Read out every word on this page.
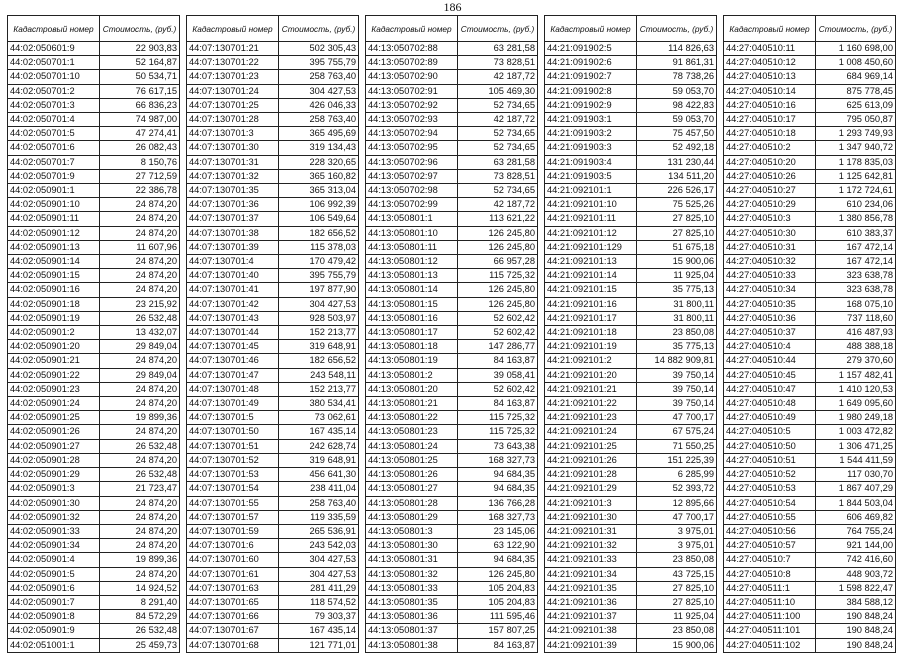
186
Кадастровый номер	Стоимость, (руб.)
44:02:050601:9	22 903,83
44:02:050701:1	52 164,87
44:02:050701:10	50 534,71
44:02:050701:2	76 617,15
44:02:050701:3	66 836,23
44:02:050701:4	74 987,00
44:02:050701:5	47 274,41
44:02:050701:6	26 082,43
44:02:050701:7	8 150,76
44:02:050701:9	27 712,59
44:02:050901:1	22 386,78
44:02:050901:10	24 874,20
44:02:050901:11	24 874,20
44:02:050901:12	24 874,20
44:02:050901:13	11 607,96
44:02:050901:14	24 874,20
44:02:050901:15	24 874,20
44:02:050901:16	24 874,20
44:02:050901:18	23 215,92
44:02:050901:19	26 532,48
44:02:050901:2	13 432,07
44:02:050901:20	29 849,04
44:02:050901:21	24 874,20
44:02:050901:22	29 849,04
44:02:050901:23	24 874,20
44:02:050901:24	24 874,20
44:02:050901:25	19 899,36
44:02:050901:26	24 874,20
44:02:050901:27	26 532,48
44:02:050901:28	24 874,20
44:02:050901:29	26 532,48
44:02:050901:3	21 723,47
44:02:050901:30	24 874,20
44:02:050901:32	24 874,20
44:02:050901:33	24 874,20
44:02:050901:34	24 874,20
44:02:050901:4	19 899,36
44:02:050901:5	24 874,20
44:02:050901:6	14 924,52
44:02:050901:7	8 291,40
44:02:050901:8	84 572,29
44:02:050901:9	26 532,48
44:02:051001:1	25 459,73
Кадастровый номер	Стоимость, (руб.)
44:07:130701:21	502 305,43
44:07:130701:22	395 755,79
44:07:130701:23	258 763,40
44:07:130701:24	304 427,53
44:07:130701:25	426 046,33
44:07:130701:28	258 763,40
44:07:130701:3	365 495,69
44:07:130701:30	319 134,43
44:07:130701:31	228 320,65
44:07:130701:32	365 160,82
44:07:130701:35	365 313,04
44:07:130701:36	106 992,39
44:07:130701:37	106 549,64
44:07:130701:38	182 656,52
44:07:130701:39	115 378,03
44:07:130701:4	170 479,42
44:07:130701:40	395 755,79
44:07:130701:41	197 877,90
44:07:130701:42	304 427,53
44:07:130701:43	928 503,97
44:07:130701:44	152 213,77
44:07:130701:45	319 648,91
44:07:130701:46	182 656,52
44:07:130701:47	243 548,11
44:07:130701:48	152 213,77
44:07:130701:49	380 534,41
44:07:130701:5	73 062,61
44:07:130701:50	167 435,14
44:07:130701:51	242 628,74
44:07:130701:52	319 648,91
44:07:130701:53	456 641,30
44:07:130701:54	238 411,04
44:07:130701:55	258 763,40
44:07:130701:57	119 335,59
44:07:130701:59	265 536,91
44:07:130701:6	243 542,03
44:07:130701:60	304 427,53
44:07:130701:61	304 427,53
44:07:130701:63	281 411,29
44:07:130701:65	118 574,52
44:07:130701:66	79 303,37
44:07:130701:67	167 435,14
44:07:130701:68	121 771,01
Кадастровый номер	Стоимость, (руб.)
44:13:050702:88	63 281,58
44:13:050702:89	73 828,51
44:13:050702:90	42 187,72
44:13:050702:91	105 469,30
44:13:050702:92	52 734,65
44:13:050702:93	42 187,72
44:13:050702:94	52 734,65
44:13:050702:95	52 734,65
44:13:050702:96	63 281,58
44:13:050702:97	73 828,51
44:13:050702:98	52 734,65
44:13:050702:99	42 187,72
44:13:050801:1	113 621,22
44:13:050801:10	126 245,80
44:13:050801:11	126 245,80
44:13:050801:12	66 957,28
44:13:050801:13	115 725,32
44:13:050801:14	126 245,80
44:13:050801:15	126 245,80
44:13:050801:16	52 602,42
44:13:050801:17	52 602,42
44:13:050801:18	147 286,77
44:13:050801:19	84 163,87
44:13:050801:2	39 058,41
44:13:050801:20	52 602,42
44:13:050801:21	84 163,87
44:13:050801:22	115 725,32
44:13:050801:23	115 725,32
44:13:050801:24	73 643,38
44:13:050801:25	168 327,73
44:13:050801:26	94 684,35
44:13:050801:27	94 684,35
44:13:050801:28	136 766,28
44:13:050801:29	168 327,73
44:13:050801:3	23 145,06
44:13:050801:30	63 122,90
44:13:050801:31	94 684,35
44:13:050801:32	126 245,80
44:13:050801:33	105 204,83
44:13:050801:35	105 204,83
44:13:050801:36	111 595,46
44:13:050801:37	157 807,25
44:13:050801:38	84 163,87
Кадастровый номер	Стоимость, (руб.)
44:21:091902:5	114 826,63
44:21:091902:6	91 861,31
44:21:091902:7	78 738,26
44:21:091902:8	59 053,70
44:21:091902:9	98 422,83
44:21:091903:1	59 053,70
44:21:091903:2	75 457,50
44:21:091903:3	52 492,18
44:21:091903:4	131 230,44
44:21:091903:5	134 511,20
44:21:092101:1	226 526,17
44:21:092101:10	75 525,26
44:21:092101:11	27 825,10
44:21:092101:12	27 825,10
44:21:092101:129	51 675,18
44:21:092101:13	15 900,06
44:21:092101:14	11 925,04
44:21:092101:15	35 775,13
44:21:092101:16	31 800,11
44:21:092101:17	31 800,11
44:21:092101:18	23 850,08
44:21:092101:19	35 775,13
44:21:092101:2	14 882 909,81
44:21:092101:20	39 750,14
44:21:092101:21	39 750,14
44:21:092101:22	39 750,14
44:21:092101:23	47 700,17
44:21:092101:24	67 575,24
44:21:092101:25	71 550,25
44:21:092101:26	151 225,39
44:21:092101:28	6 285,99
44:21:092101:29	52 393,72
44:21:092101:3	12 895,66
44:21:092101:30	47 700,17
44:21:092101:31	3 975,01
44:21:092101:32	3 975,01
44:21:092101:33	23 850,08
44:21:092101:34	43 725,15
44:21:092101:35	27 825,10
44:21:092101:36	27 825,10
44:21:092101:37	11 925,04
44:21:092101:38	23 850,08
44:21:092101:39	15 900,06
Кадастровый номер	Стоимость, (руб.)
44:27:040510:11	1 160 698,00
44:27:040510:12	1 008 450,60
44:27:040510:13	684 969,14
44:27:040510:14	875 778,45
44:27:040510:16	625 613,09
44:27:040510:17	795 050,87
44:27:040510:18	1 293 749,93
44:27:040510:2	1 347 940,72
44:27:040510:20	1 178 835,03
44:27:040510:26	1 125 642,81
44:27:040510:27	1 172 724,61
44:27:040510:29	610 234,06
44:27:040510:3	1 380 856,78
44:27:040510:30	610 383,37
44:27:040510:31	167 472,14
44:27:040510:32	167 472,14
44:27:040510:33	323 638,78
44:27:040510:34	323 638,78
44:27:040510:35	168 075,10
44:27:040510:36	737 118,60
44:27:040510:37	416 487,93
44:27:040510:4	488 388,18
44:27:040510:44	279 370,60
44:27:040510:45	1 157 482,41
44:27:040510:47	1 410 120,53
44:27:040510:48	1 649 095,60
44:27:040510:49	1 980 249,18
44:27:040510:5	1 003 472,82
44:27:040510:50	1 306 471,25
44:27:040510:51	1 544 411,59
44:27:040510:52	117 030,70
44:27:040510:53	1 867 407,29
44:27:040510:54	1 844 503,04
44:27:040510:55	606 469,82
44:27:040510:56	764 755,24
44:27:040510:57	921 144,00
44:27:040510:7	742 416,60
44:27:040510:8	448 903,72
44:27:040511:1	1 598 822,47
44:27:040511:10	384 588,12
44:27:040511:100	190 848,24
44:27:040511:101	190 848,24
44:27:040511:102	190 848,24
